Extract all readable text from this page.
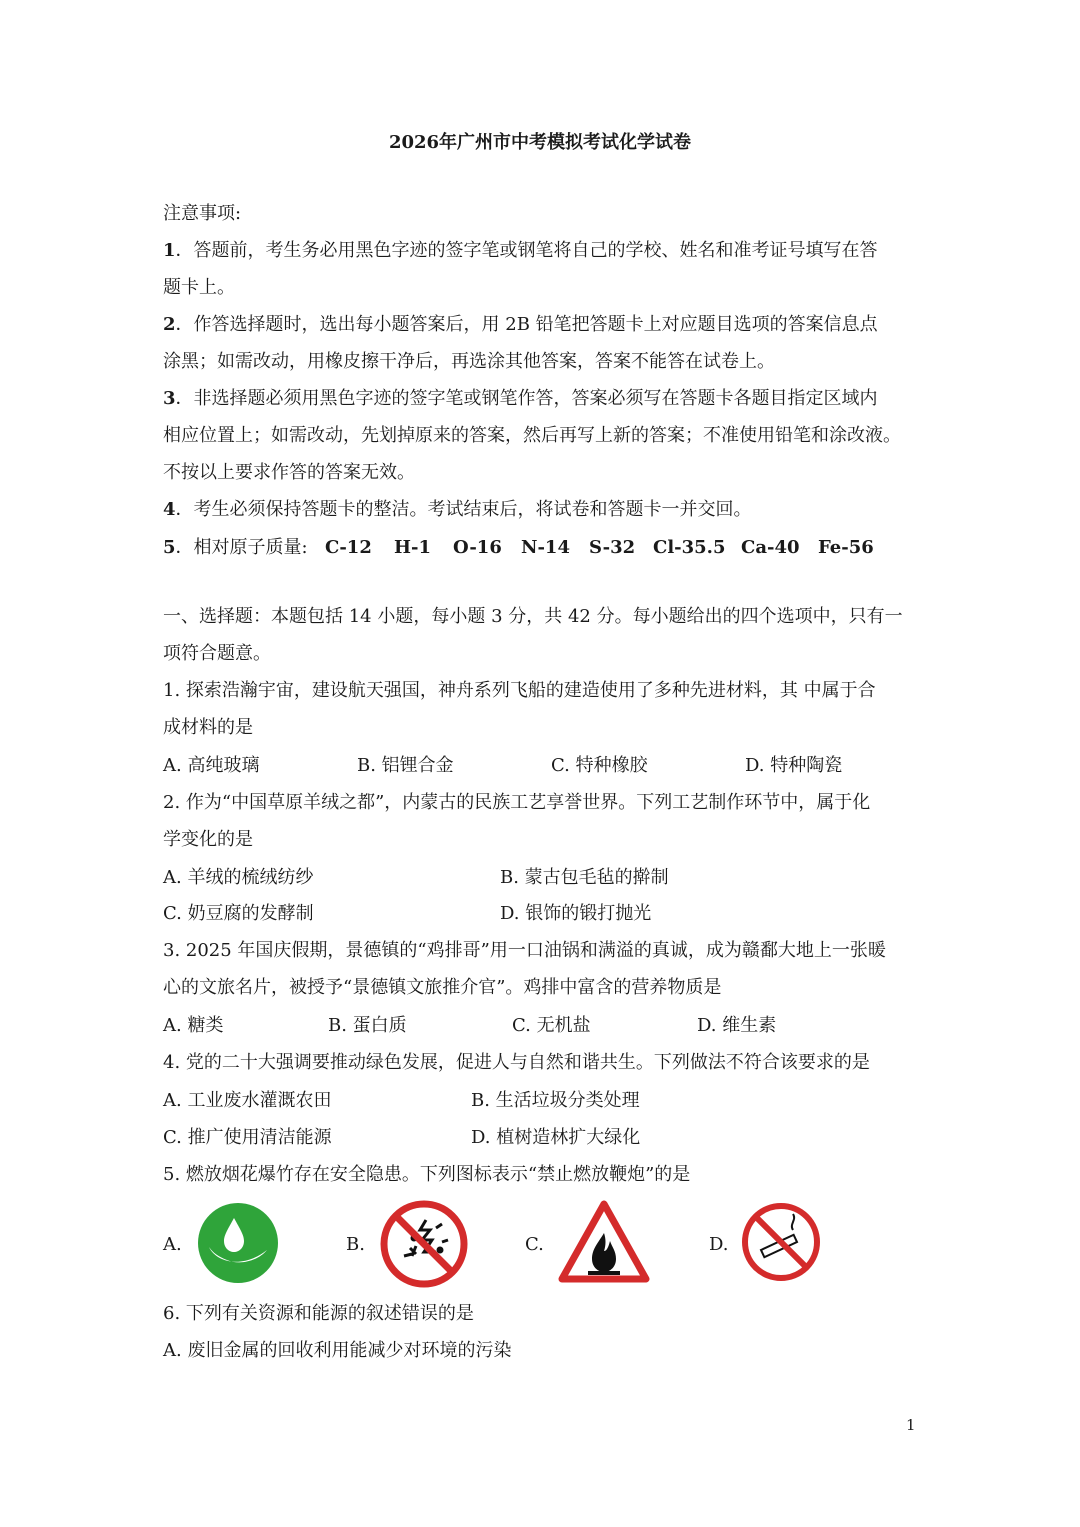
2026年广州市中考模拟考试化学试卷
注意事项:
1．答题前，考生务必用黑色字迹的签字笔或钢笔将自己的学校、姓名和准考证号填写在答
题卡上。
2．作答选择题时，选出每小题答案后，用 2B 铅笔把答题卡上对应题目选项的答案信息点
涂黑；如需改动，用橡皮擦干净后，再选涂其他答案，答案不能答在试卷上。
3．非选择题必须用黑色字迹的签字笔或钢笔作答，答案必须写在答题卡各题目指定区域内
相应位置上；如需改动，先划掉原来的答案，然后再写上新的答案；不准使用铅笔和涂改液。
不按以上要求作答的答案无效。
4．考生必须保持答题卡的整洁。考试结束后，将试卷和答题卡一并交回。
5．相对原子质量: C-12 H-1 O-16 N-14 S-32 Cl-35.5 Ca-40 Fe-56
一、选择题：本题包括 14 小题，每小题 3 分，共 42 分。每小题给出的四个选项中，只有一
项符合题意。
1. 探索浩瀚宇宙，建设航天强国，神舟系列飞船的建造使用了多种先进材料，其 中属于合
成材料的是
A. 高纯玻璃	B. 铝锂合金	C. 特种橡胶	D. 特种陶瓷
2. 作为“中国草原羊绒之都”，内蒙古的民族工艺享誉世界。下列工艺制作环节中，属于化
学变化的是
A. 羊绒的梳绒纺纱	B. 蒙古包毛毡的擀制
C. 奶豆腐的发酵制	D. 银饰的锻打抛光
3. 2025 年国庆假期，景德镇的“鸡排哥”用一口油锅和满溢的真诚，成为赣鄱大地上一张暖
心的文旅名片，被授予“景德镇文旅推介官”。鸡排中富含的营养物质是
A. 糖类	B. 蛋白质	C. 无机盐	D. 维生素
4. 党的二十大强调要推动绿色发展，促进人与自然和谐共生。下列做法不符合该要求的是
A. 工业废水灌溉农田	B. 生活垃圾分类处理
C. 推广使用清洁能源	D. 植树造林扩大绿化
5. 燃放烟花爆竹存在安全隐患。下列图标表示“禁止燃放鞭炮”的是
A.	B.	C.	D.
6. 下列有关资源和能源的叙述错误的是
A. 废旧金属的回收利用能减少对环境的污染
1
